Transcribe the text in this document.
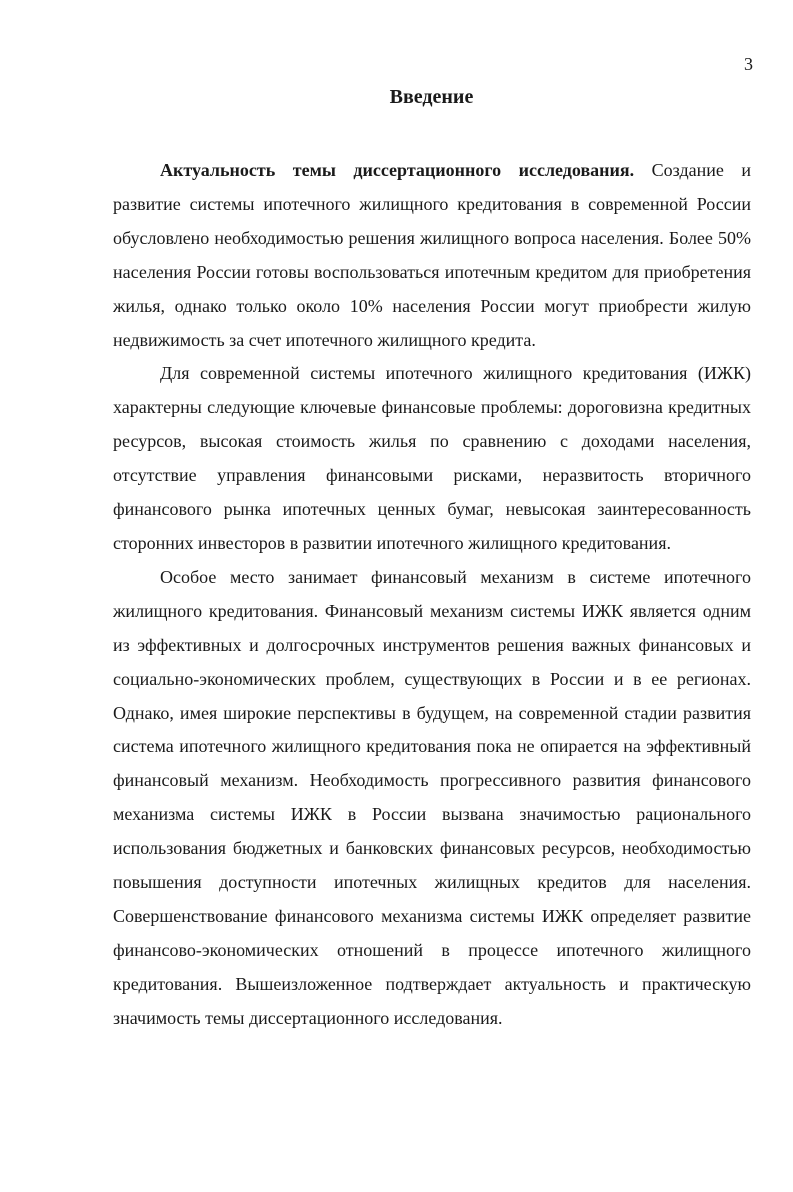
3
Введение

Актуальность темы диссертационного исследования. Создание и развитие системы ипотечного жилищного кредитования в современной России обусловлено необходимостью решения жилищного вопроса населения. Более 50% населения России готовы воспользоваться ипотечным кредитом для приобретения жилья, однако только около 10% населения России могут приобрести жилую недвижимость за счет ипотечного жилищного кредита.

Для современной системы ипотечного жилищного кредитования (ИЖК) характерны следующие ключевые финансовые проблемы: дороговизна кредитных ресурсов, высокая стоимость жилья по сравнению с доходами населения, отсутствие управления финансовыми рисками, неразвитость вторичного финансового рынка ипотечных ценных бумаг, невысокая заинтересованность сторонних инвесторов в развитии ипотечного жилищного кредитования.

Особое место занимает финансовый механизм в системе ипотечного жилищного кредитования. Финансовый механизм системы ИЖК является одним из эффективных и долгосрочных инструментов решения важных финансовых и социально-экономических проблем, существующих в России и в ее регионах. Однако, имея широкие перспективы в будущем, на современной стадии развития система ипотечного жилищного кредитования пока не опирается на эффективный финансовый механизм. Необходимость прогрессивного развития финансового механизма системы ИЖК в России вызвана значимостью рационального использования бюджетных и банковских финансовых ресурсов, необходимостью повышения доступности ипотечных жилищных кредитов для населения. Совершенствование финансового механизма системы ИЖК определяет развитие финансово-экономических отношений в процессе ипотечного жилищного кредитования. Вышеизложенное подтверждает актуальность и практическую значимость темы диссертационного исследования.
